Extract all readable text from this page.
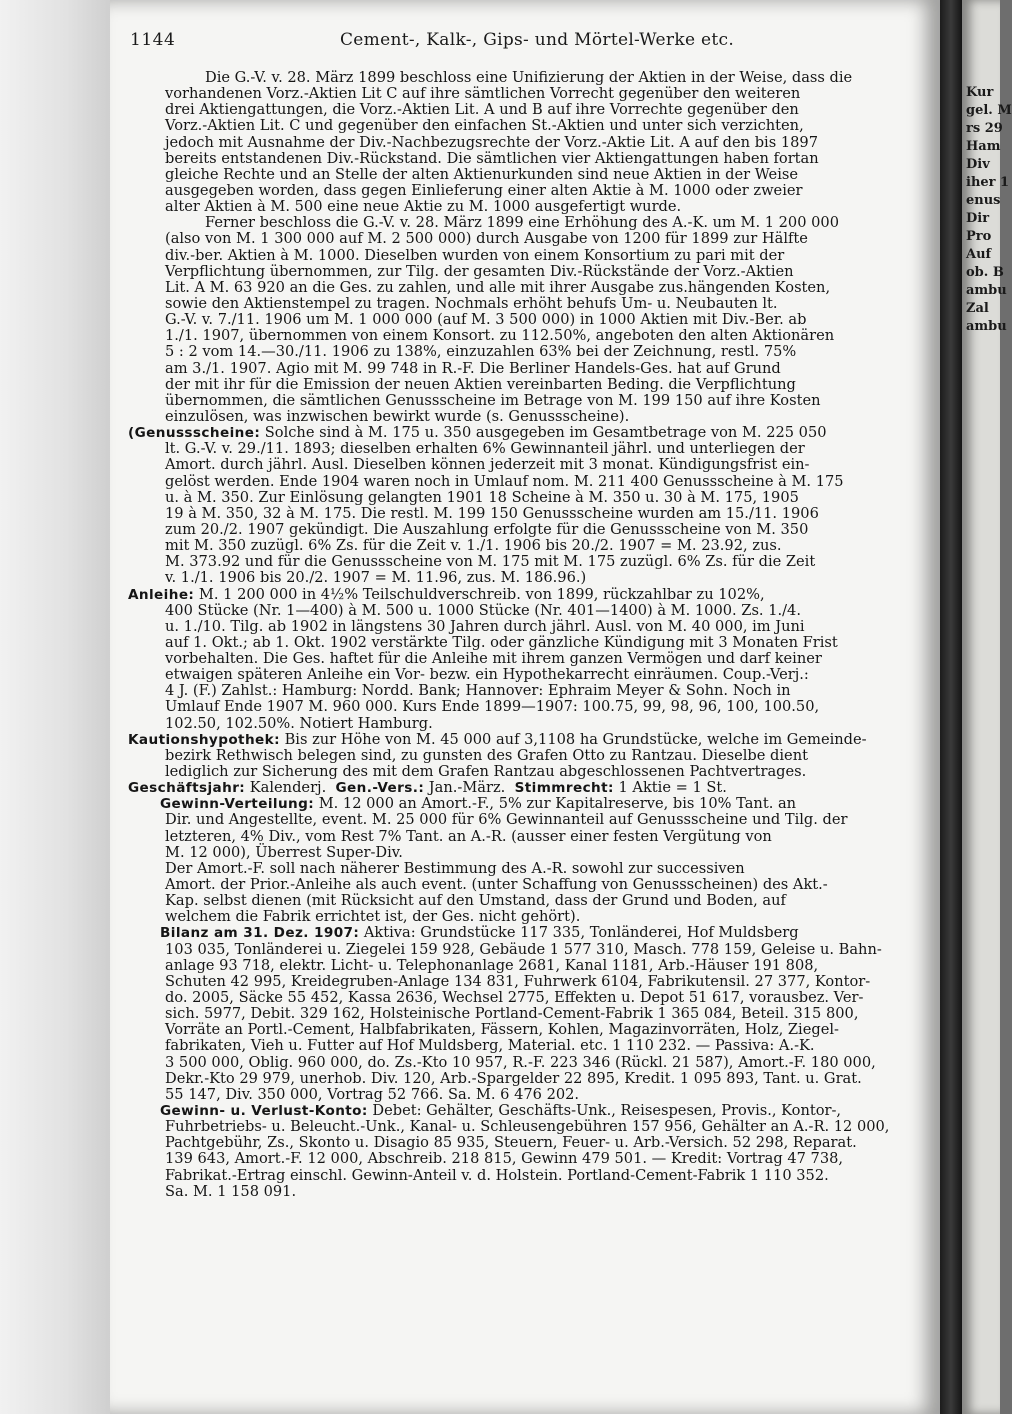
Kur
gel. M
rs 29
Ham
Div
iher 1
enus
Dir
Pro
Auf
ob. B
ambu
Zal
ambu
1144	Cement-, Kalk-, Gips- und Mörtel-Werke etc.
Die G.-V. v. 28. März 1899 beschloss eine Unifizierung der Aktien in der Weise, dass die
vorhandenen Vorz.-Aktien Lit C auf ihre sämtlichen Vorrecht gegenüber den weiteren
drei Aktiengattungen, die Vorz.-Aktien Lit. A und B auf ihre Vorrechte gegenüber den
Vorz.-Aktien Lit. C und gegenüber den einfachen St.-Aktien und unter sich verzichten,
jedoch mit Ausnahme der Div.-Nachbezugsrechte der Vorz.-Aktie Lit. A auf den bis 1897
bereits entstandenen Div.-Rückstand. Die sämtlichen vier Aktiengattungen haben fortan
gleiche Rechte und an Stelle der alten Aktienurkunden sind neue Aktien in der Weise
ausgegeben worden, dass gegen Einlieferung einer alten Aktie à M. 1000 oder zweier
alter Aktien à M. 500 eine neue Aktie zu M. 1000 ausgefertigt wurde.
Ferner beschloss die G.-V. v. 28. März 1899 eine Erhöhung des A.-K. um M. 1 200 000
(also von M. 1 300 000 auf M. 2 500 000) durch Ausgabe von 1200 für 1899 zur Hälfte
div.-ber. Aktien à M. 1000. Dieselben wurden von einem Konsortium zu pari mit der
Verpflichtung übernommen, zur Tilg. der gesamten Div.-Rückstände der Vorz.-Aktien
Lit. A M. 63 920 an die Ges. zu zahlen, und alle mit ihrer Ausgabe zus.hängenden Kosten,
sowie den Aktienstempel zu tragen. Nochmals erhöht behufs Um- u. Neubauten lt.
G.-V. v. 7./11. 1906 um M. 1 000 000 (auf M. 3 500 000) in 1000 Aktien mit Div.-Ber. ab
1./1. 1907, übernommen von einem Konsort. zu 112.50%, angeboten den alten Aktionären
5 : 2 vom 14.—30./11. 1906 zu 138%, einzuzahlen 63% bei der Zeichnung, restl. 75%
am 3./1. 1907. Agio mit M. 99 748 in R.-F. Die Berliner Handels-Ges. hat auf Grund
der mit ihr für die Emission der neuen Aktien vereinbarten Beding. die Verpflichtung
übernommen, die sämtlichen Genussscheine im Betrage von M. 199 150 auf ihre Kosten
einzulösen, was inzwischen bewirkt wurde (s. Genussscheine).
(Genussscheine: Solche sind à M. 175 u. 350 ausgegeben im Gesamtbetrage von M. 225 050
lt. G.-V. v. 29./11. 1893; dieselben erhalten 6% Gewinnanteil jährl. und unterliegen der
Amort. durch jährl. Ausl. Dieselben können jederzeit mit 3 monat. Kündigungsfrist ein-
gelöst werden. Ende 1904 waren noch in Umlauf nom. M. 211 400 Genussscheine à M. 175
u. à M. 350. Zur Einlösung gelangten 1901 18 Scheine à M. 350 u. 30 à M. 175, 1905
19 à M. 350, 32 à M. 175. Die restl. M. 199 150 Genussscheine wurden am 15./11. 1906
zum 20./2. 1907 gekündigt. Die Auszahlung erfolgte für die Genussscheine von M. 350
mit M. 350 zuzügl. 6% Zs. für die Zeit v. 1./1. 1906 bis 20./2. 1907 = M. 23.92, zus.
M. 373.92 und für die Genussscheine von M. 175 mit M. 175 zuzügl. 6% Zs. für die Zeit
v. 1./1. 1906 bis 20./2. 1907 = M. 11.96, zus. M. 186.96.)
Anleihe: M. 1 200 000 in 4½% Teilschuldverschreib. von 1899, rückzahlbar zu 102%,
400 Stücke (Nr. 1—400) à M. 500 u. 1000 Stücke (Nr. 401—1400) à M. 1000. Zs. 1./4.
u. 1./10. Tilg. ab 1902 in längstens 30 Jahren durch jährl. Ausl. von M. 40 000, im Juni
auf 1. Okt.; ab 1. Okt. 1902 verstärkte Tilg. oder gänzliche Kündigung mit 3 Monaten Frist
vorbehalten. Die Ges. haftet für die Anleihe mit ihrem ganzen Vermögen und darf keiner
etwaigen späteren Anleihe ein Vor- bezw. ein Hypothekarrecht einräumen. Coup.-Verj.:
4 J. (F.) Zahlst.: Hamburg: Nordd. Bank; Hannover: Ephraim Meyer & Sohn. Noch in
Umlauf Ende 1907 M. 960 000. Kurs Ende 1899—1907: 100.75, 99, 98, 96, 100, 100.50,
102.50, 102.50%. Notiert Hamburg.
Kautionshypothek: Bis zur Höhe von M. 45 000 auf 3,1108 ha Grundstücke, welche im Gemeinde-
bezirk Rethwisch belegen sind, zu gunsten des Grafen Otto zu Rantzau. Dieselbe dient
lediglich zur Sicherung des mit dem Grafen Rantzau abgeschlossenen Pachtvertrages.
Geschäftsjahr: Kalenderj. Gen.-Vers.: Jan.-März. Stimmrecht: 1 Aktie = 1 St.
Gewinn-Verteilung: M. 12 000 an Amort.-F., 5% zur Kapitalreserve, bis 10% Tant. an
Dir. und Angestellte, event. M. 25 000 für 6% Gewinnanteil auf Genussscheine und Tilg. der
letzteren, 4% Div., vom Rest 7% Tant. an A.-R. (ausser einer festen Vergütung von
M. 12 000), Überrest Super-Div.
Der Amort.-F. soll nach näherer Bestimmung des A.-R. sowohl zur successiven
Amort. der Prior.-Anleihe als auch event. (unter Schaffung von Genussscheinen) des Akt.-
Kap. selbst dienen (mit Rücksicht auf den Umstand, dass der Grund und Boden, auf
welchem die Fabrik errichtet ist, der Ges. nicht gehört).
Bilanz am 31. Dez. 1907: Aktiva: Grundstücke 117 335, Tonländerei, Hof Muldsberg
103 035, Tonländerei u. Ziegelei 159 928, Gebäude 1 577 310, Masch. 778 159, Geleise u. Bahn-
anlage 93 718, elektr. Licht- u. Telephonanlage 2681, Kanal 1181, Arb.-Häuser 191 808,
Schuten 42 995, Kreidegruben-Anlage 134 831, Fuhrwerk 6104, Fabrikutensil. 27 377, Kontor-
do. 2005, Säcke 55 452, Kassa 2636, Wechsel 2775, Effekten u. Depot 51 617, vorausbez. Ver-
sich. 5977, Debit. 329 162, Holsteinische Portland-Cement-Fabrik 1 365 084, Beteil. 315 800,
Vorräte an Portl.-Cement, Halbfabrikaten, Fässern, Kohlen, Magazinvorräten, Holz, Ziegel-
fabrikaten, Vieh u. Futter auf Hof Muldsberg, Material. etc. 1 110 232. — Passiva: A.-K.
3 500 000, Oblig. 960 000, do. Zs.-Kto 10 957, R.-F. 223 346 (Rückl. 21 587), Amort.-F. 180 000,
Dekr.-Kto 29 979, unerhob. Div. 120, Arb.-Spargelder 22 895, Kredit. 1 095 893, Tant. u. Grat.
55 147, Div. 350 000, Vortrag 52 766. Sa. M. 6 476 202.
Gewinn- u. Verlust-Konto: Debet: Gehälter, Geschäfts-Unk., Reisespesen, Provis., Kontor-,
Fuhrbetriebs- u. Beleucht.-Unk., Kanal- u. Schleusengebühren 157 956, Gehälter an A.-R. 12 000,
Pachtgebühr, Zs., Skonto u. Disagio 85 935, Steuern, Feuer- u. Arb.-Versich. 52 298, Reparat.
139 643, Amort.-F. 12 000, Abschreib. 218 815, Gewinn 479 501. — Kredit: Vortrag 47 738,
Fabrikat.-Ertrag einschl. Gewinn-Anteil v. d. Holstein. Portland-Cement-Fabrik 1 110 352.
Sa. M. 1 158 091.
